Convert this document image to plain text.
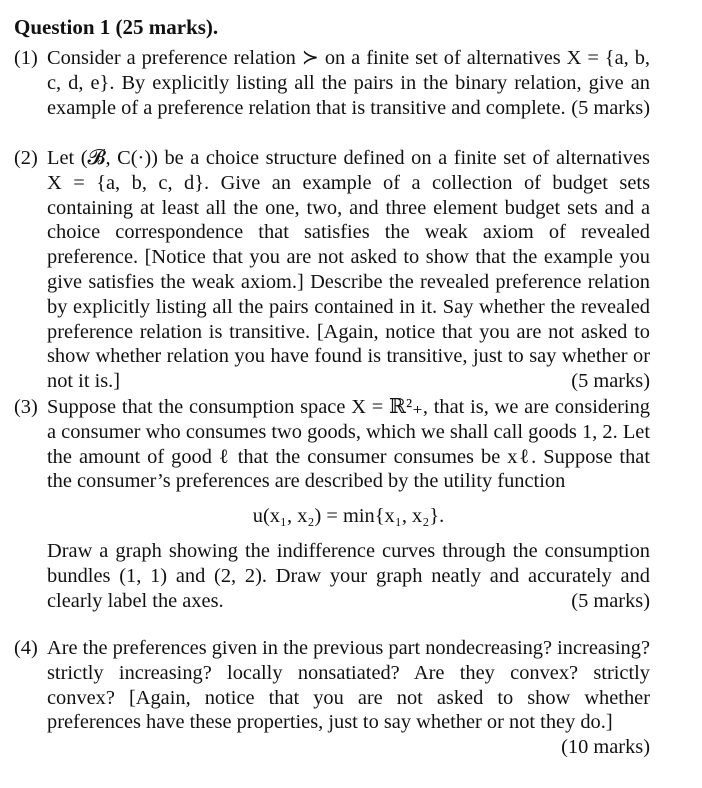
Question 1 (25 marks).
(1) Consider a preference relation ≻ on a finite set of alternatives X = {a, b, c, d, e}. By explicitly listing all the pairs in the binary relation, give an example of a preference relation that is transitive and complete. (5 marks)
(2) Let (𝓑, C(·)) be a choice structure defined on a finite set of alternatives X = {a, b, c, d}. Give an example of a collection of budget sets containing at least all the one, two, and three element budget sets and a choice correspondence that satisfies the weak axiom of revealed preference. [Notice that you are not asked to show that the example you give satisfies the weak axiom.] Describe the revealed preference relation by explicitly listing all the pairs contained in it. Say whether the revealed preference relation is transitive. [Again, notice that you are not asked to show whether relation you have found is transitive, just to say whether or not it is.]	(5 marks)
(3) Suppose that the consumption space X = ℝ²₊, that is, we are considering a consumer who consumes two goods, which we shall call goods 1, 2. Let the amount of good ℓ that the consumer consumes be xℓ. Suppose that the consumer’s preferences are described by the utility function
u(x₁, x₂) = min{x₁, x₂}.
Draw a graph showing the indifference curves through the consumption bundles (1, 1) and (2, 2). Draw your graph neatly and accurately and clearly label the axes.	(5 marks)
(4) Are the preferences given in the previous part nondecreasing? increasing? strictly increasing? locally nonsatiated? Are they convex? strictly convex? [Again, notice that you are not asked to show whether preferences have these properties, just to say whether or not they do.]
(10 marks)
